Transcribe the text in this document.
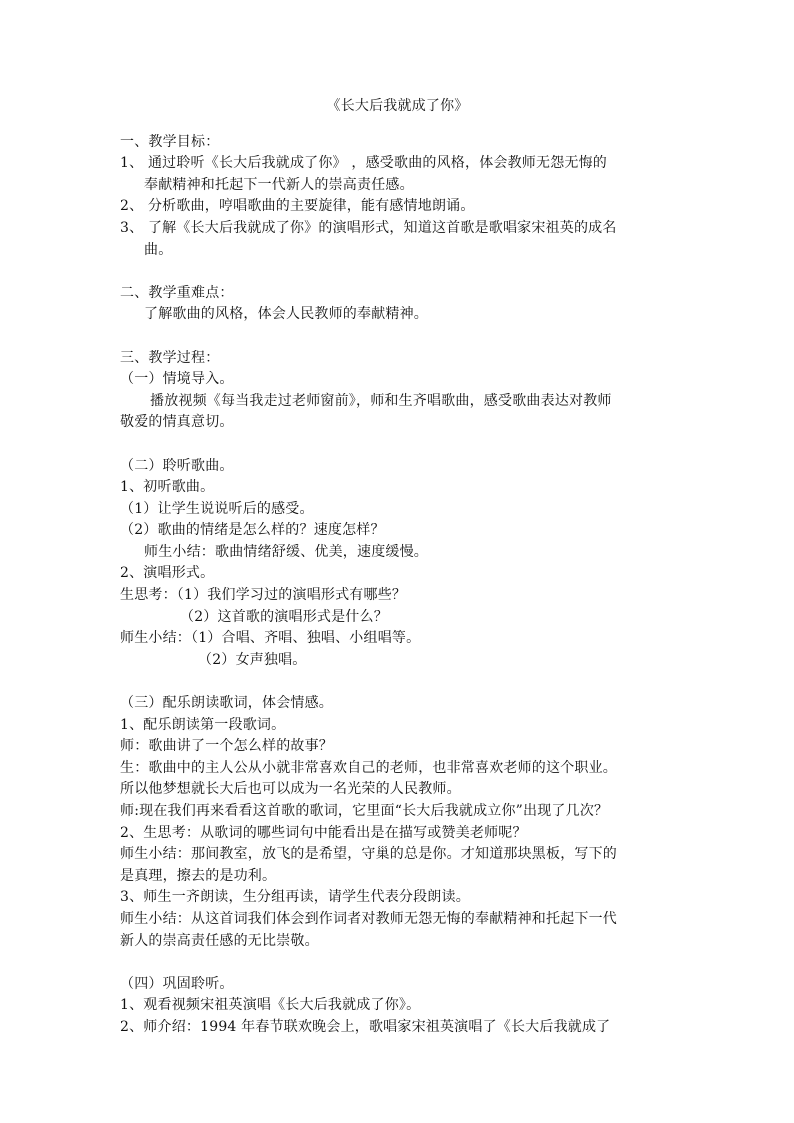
《长大后我就成了你》

一、教学目标：

1、 通过聆听《长大后我就成了你》 ，感受歌曲的风格，体会教师无怨无悔的

奉献精神和托起下一代新人的崇高责任感。

2、 分析歌曲，哼唱歌曲的主要旋律，能有感情地朗诵。

3、 了解《长大后我就成了你》的演唱形式，知道这首歌是歌唱家宋祖英的成名

曲。

二、教学重难点：

了解歌曲的风格，体会人民教师的奉献精神。

三、教学过程：

（一）情境导入。

播放视频《每当我走过老师窗前》，师和生齐唱歌曲，感受歌曲表达对教师

敬爱的情真意切。

（二）聆听歌曲。

1、初听歌曲。

（1）让学生说说听后的感受。

（2）歌曲的情绪是怎么样的？速度怎样？

师生小结：歌曲情绪舒缓、优美，速度缓慢。

2、演唱形式。

生思考：（1）我们学习过的演唱形式有哪些？

（2）这首歌的演唱形式是什么？

师生小结：（1）合唱、齐唱、独唱、小组唱等。

（2）女声独唱。

（三）配乐朗读歌词，体会情感。

1、配乐朗读第一段歌词。

师：歌曲讲了一个怎么样的故事？

生：歌曲中的主人公从小就非常喜欢自己的老师，也非常喜欢老师的这个职业。

所以他梦想就长大后也可以成为一名光荣的人民教师。

师:现在我们再来看看这首歌的歌词，它里面“长大后我就成立你”出现了几次？

2、生思考：从歌词的哪些词句中能看出是在描写或赞美老师呢？

师生小结：那间教室，放飞的是希望，守巢的总是你。才知道那块黑板，写下的

是真理，擦去的是功利。

3、师生一齐朗读，生分组再读，请学生代表分段朗读。

师生小结：从这首词我们体会到作词者对教师无怨无悔的奉献精神和托起下一代

新人的崇高责任感的无比崇敬。

（四）巩固聆听。

1、观看视频宋祖英演唱《长大后我就成了你》。

2、师介绍：1994 年春节联欢晚会上，歌唱家宋祖英演唱了《长大后我就成了
